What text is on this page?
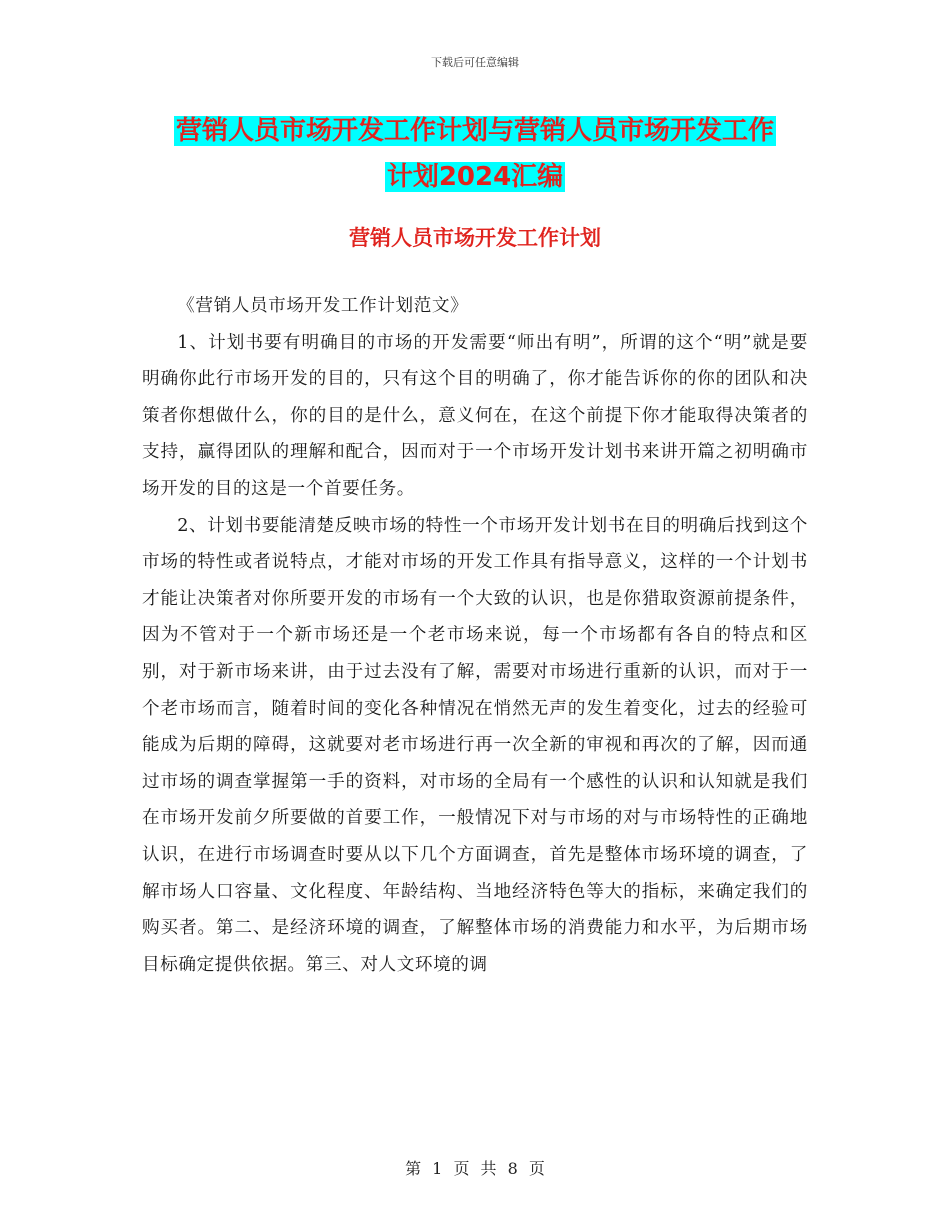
下载后可任意编辑
营销人员市场开发工作计划与营销人员市场开发工作
计划2024汇编
营销人员市场开发工作计划

《营销人员市场开发工作计划范文》

1、计划书要有明确目的市场的开发需要“师出有明”，所谓的这个“明”就是要明确你此行市场开发的目的，只有这个目的明确了，你才能告诉你的你的团队和决策者你想做什么，你的目的是什么，意义何在，在这个前提下你才能取得决策者的支持，赢得团队的理解和配合，因而对于一个市场开发计划书来讲开篇之初明确市场开发的目的这是一个首要任务。

2、计划书要能清楚反映市场的特性一个市场开发计划书在目的明确后找到这个市场的特性或者说特点，才能对市场的开发工作具有指导意义，这样的一个计划书才能让决策者对你所要开发的市场有一个大致的认识，也是你猎取资源前提条件，因为不管对于一个新市场还是一个老市场来说，每一个市场都有各自的特点和区别，对于新市场来讲，由于过去没有了解，需要对市场进行重新的认识，而对于一个老市场而言，随着时间的变化各种情况在悄然无声的发生着变化，过去的经验可能成为后期的障碍，这就要对老市场进行再一次全新的审视和再次的了解，因而通过市场的调查掌握第一手的资料，对市场的全局有一个感性的认识和认知就是我们在市场开发前夕所要做的首要工作，一般情况下对与市场的对与市场特性的正确地认识，在进行市场调查时要从以下几个方面调查，首先是整体市场环境的调查，了解市场人口容量、文化程度、年龄结构、当地经济特色等大的指标，来确定我们的购买者。第二、是经济环境的调查，了解整体市场的消费能力和水平，为后期市场目标确定提供依据。第三、对人文环境的调

第 1 页 共 8 页
